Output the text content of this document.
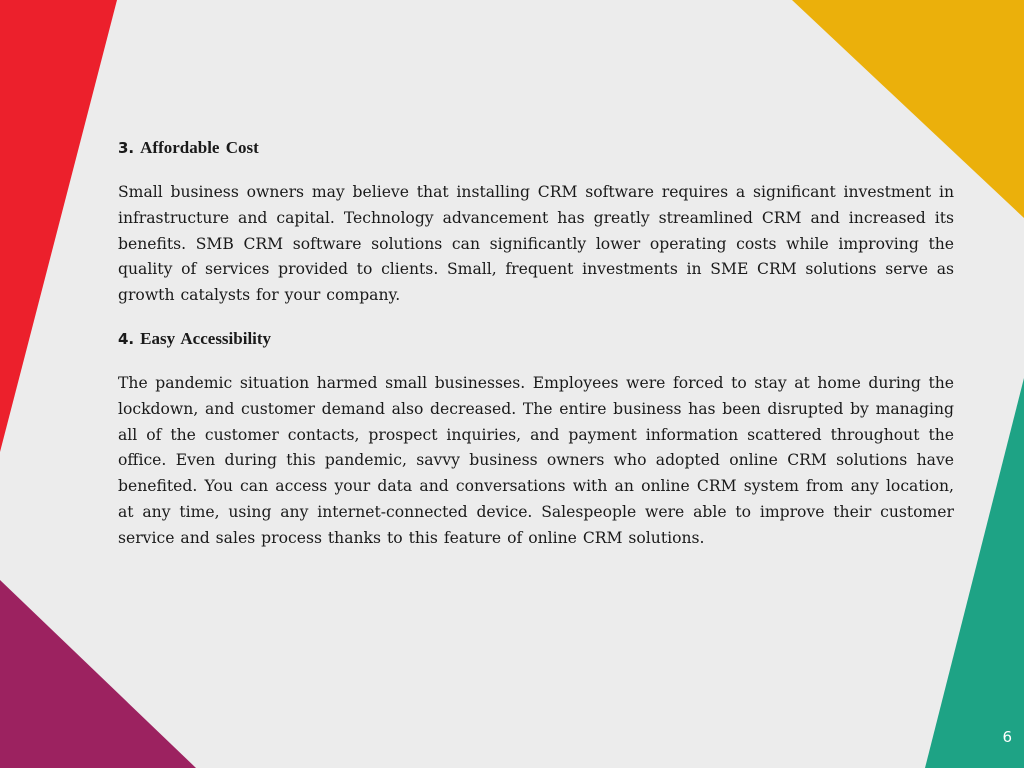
3. Affordable Cost

Small business owners may believe that installing CRM software requires a significant investment in infrastructure and capital. Technology advancement has greatly streamlined CRM and increased its benefits. SMB CRM software solutions can significantly lower operating costs while improving the quality of services provided to clients. Small, frequent investments in SME CRM solutions serve as growth catalysts for your company.

4. Easy Accessibility

The pandemic situation harmed small businesses. Employees were forced to stay at home during the lockdown, and customer demand also decreased. The entire business has been disrupted by managing all of the customer contacts, prospect inquiries, and payment information scattered throughout the office. Even during this pandemic, savvy business owners who adopted online CRM solutions have benefited. You can access your data and conversations with an online CRM system from any location, at any time, using any internet-connected device. Salespeople were able to improve their customer service and sales process thanks to this feature of online CRM solutions.

6
